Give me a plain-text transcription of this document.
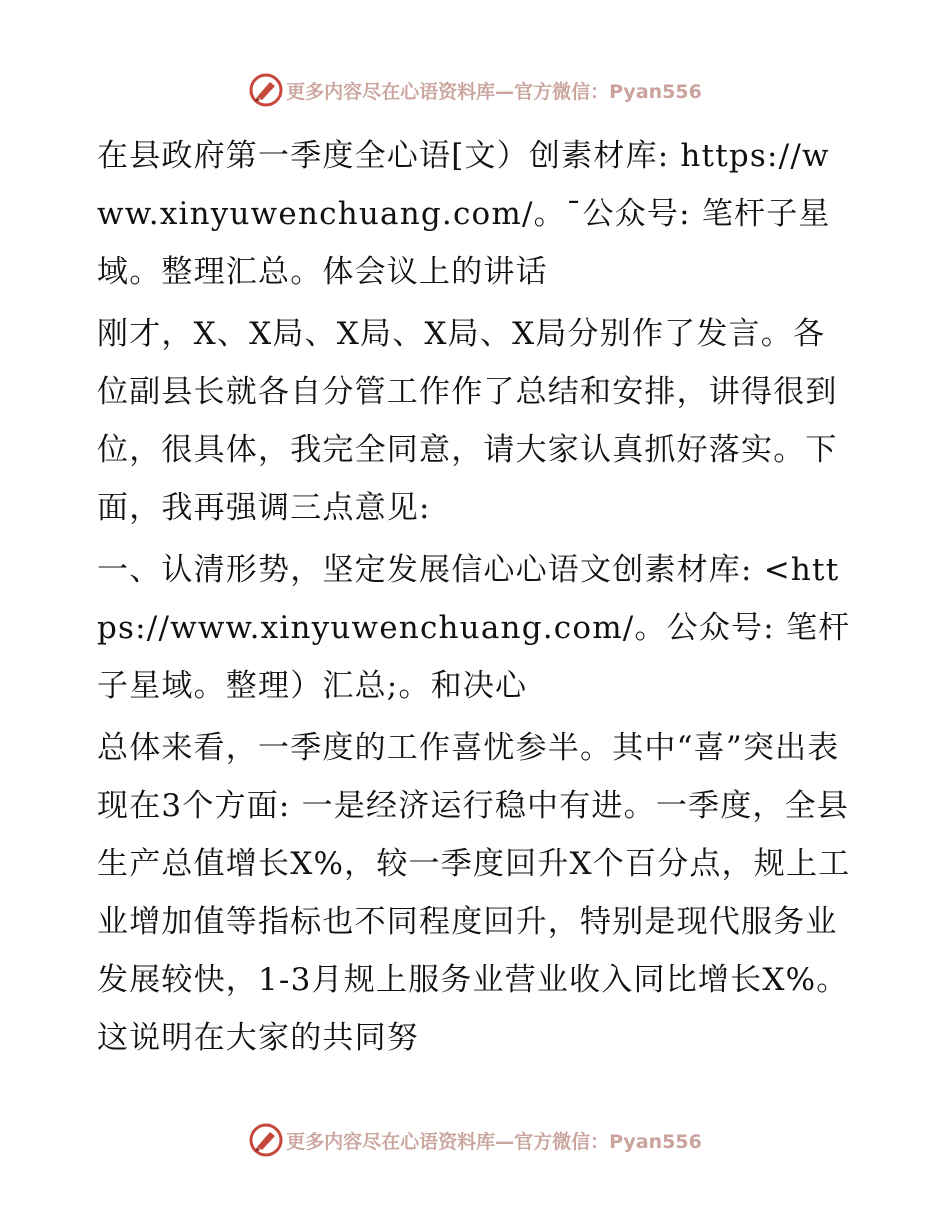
更多内容尽在心语资料库—官方微信：Pyan556

在县政府第一季度全心语[文）创素材库: https://www.xinyuwenchuang.com/。¯公众号: 笔杆子星域。整理汇总。体会议上的讲话

刚才，X、X局、X局、X局、X局分别作了发言。各位副县长就各自分管工作作了总结和安排，讲得很到位，很具体，我完全同意，请大家认真抓好落实。下面，我再强调三点意见:

一、认清形势，坚定发展信心心语文创素材库: <https://www.xinyuwenchuang.com/。公众号: 笔杆子星域。整理）汇总;。和决心

总体来看，一季度的工作喜忧参半。其中“喜”突出表现在3个方面: 一是经济运行稳中有进。一季度，全县生产总值增长X%，较一季度回升X个百分点，规上工业增加值等指标也不同程度回升，特别是现代服务业发展较快，1-3月规上服务业营业收入同比增长X%。这说明在大家的共同努

更多内容尽在心语资料库—官方微信：Pyan556
